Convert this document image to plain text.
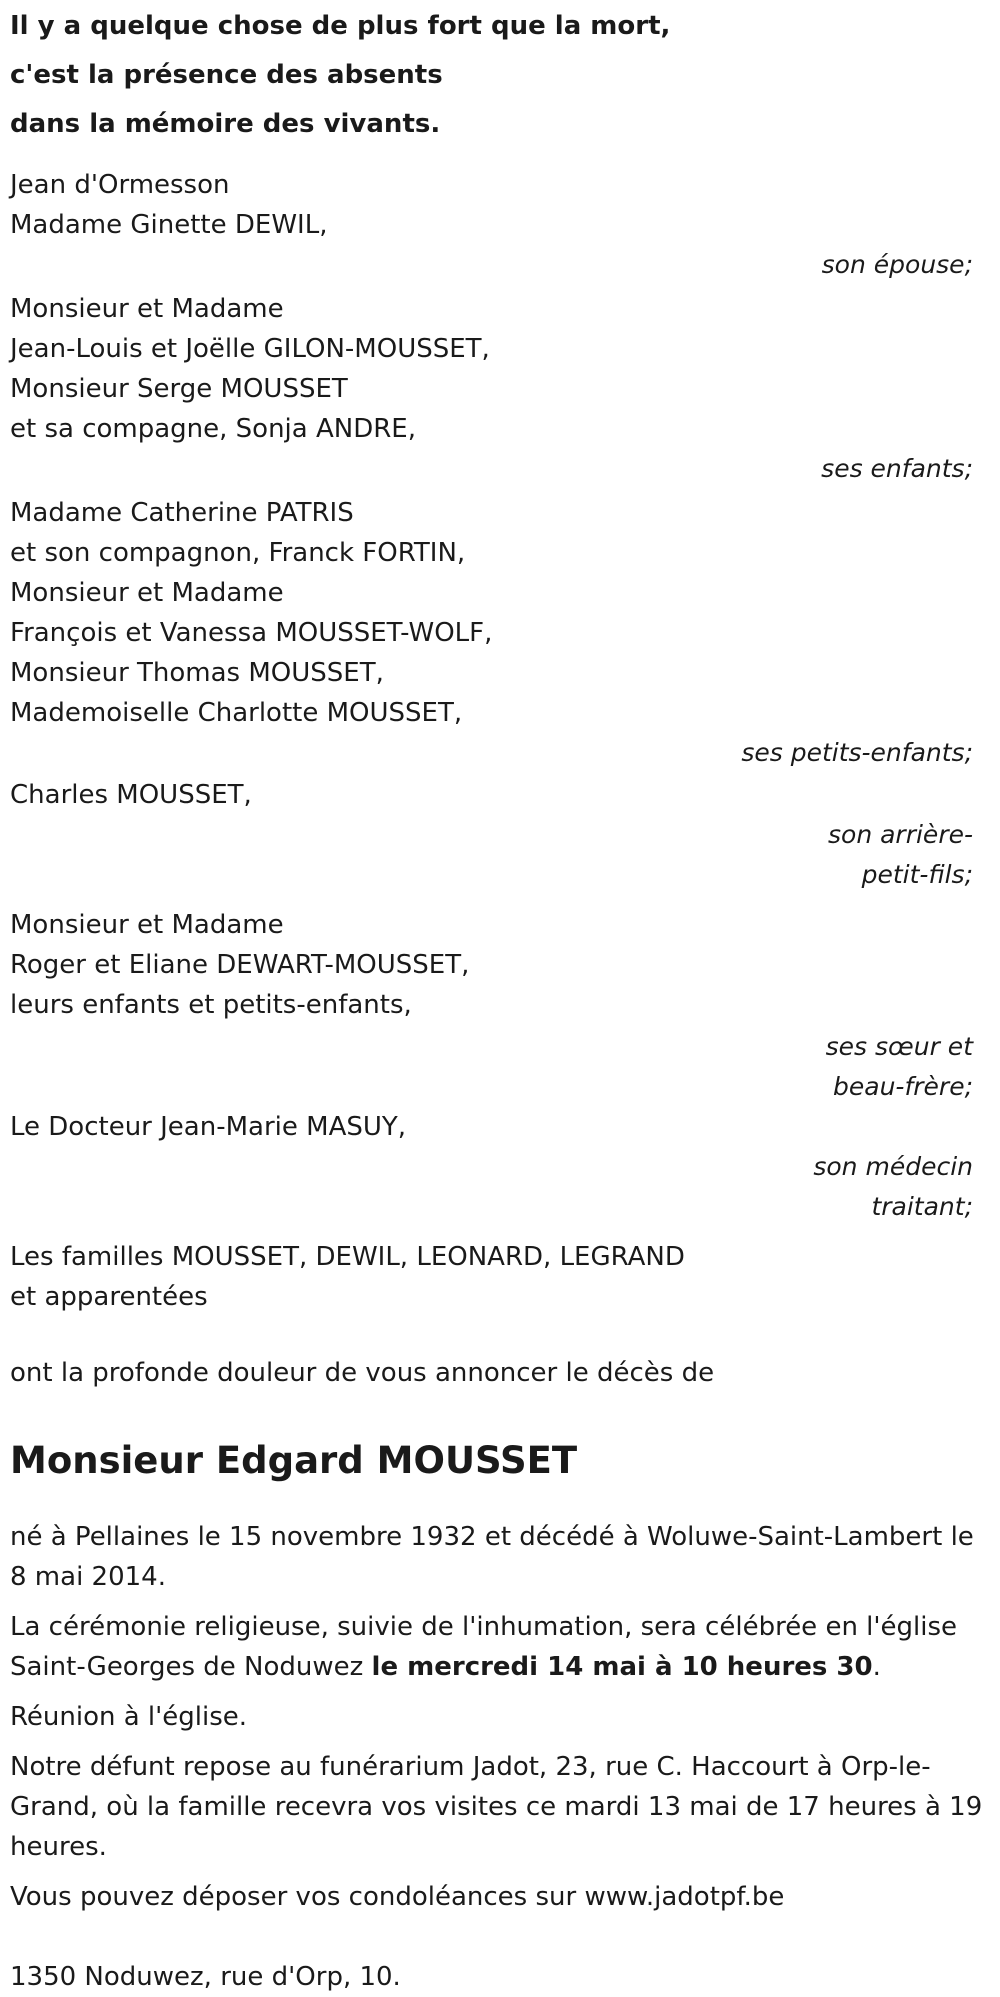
Il y a quelque chose de plus fort que la mort,
c'est la présence des absents
dans la mémoire des vivants.
Jean d'Ormesson
Madame Ginette DEWIL,
son épouse;
Monsieur et Madame
Jean-Louis et Joëlle GILON-MOUSSET,
Monsieur Serge MOUSSET
et sa compagne, Sonja ANDRE,
ses enfants;
Madame Catherine PATRIS
et son compagnon, Franck FORTIN,
Monsieur et Madame
François et Vanessa MOUSSET-WOLF,
Monsieur Thomas MOUSSET,
Mademoiselle Charlotte MOUSSET,
ses petits-enfants;
Charles MOUSSET,
son arrière-
petit-fils;
Monsieur et Madame
Roger et Eliane DEWART-MOUSSET,
leurs enfants et petits-enfants,
ses sœur et
beau-frère;
Le Docteur Jean-Marie MASUY,
son médecin
traitant;
Les familles MOUSSET, DEWIL, LEONARD, LEGRAND
et apparentées
ont la profonde douleur de vous annoncer le décès de
Monsieur Edgard MOUSSET
né à Pellaines le 15 novembre 1932 et décédé à Woluwe-Saint-Lambert le
8 mai 2014.
La cérémonie religieuse, suivie de l'inhumation, sera célébrée en l'église
Saint-Georges de Noduwez le mercredi 14 mai à 10 heures 30.
Réunion à l'église.
Notre défunt repose au funérarium Jadot, 23, rue C. Haccourt à Orp-le-
Grand, où la famille recevra vos visites ce mardi 13 mai de 17 heures à 19
heures.
Vous pouvez déposer vos condoléances sur www.jadotpf.be
1350 Noduwez, rue d'Orp, 10.
